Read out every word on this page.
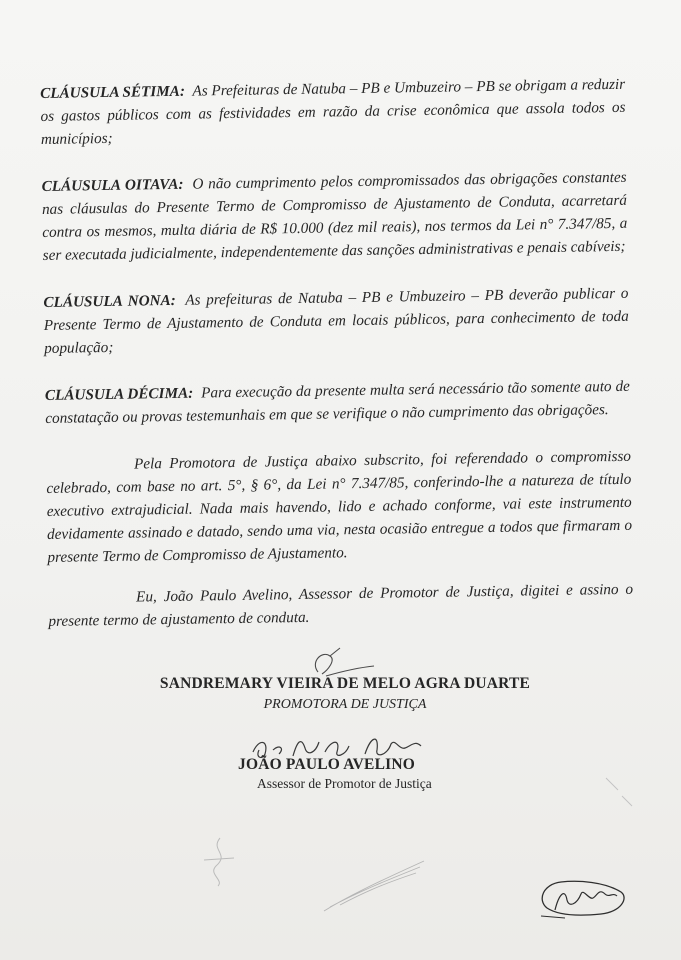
CLÁUSULA SÉTIMA: As Prefeituras de Natuba – PB e Umbuzeiro – PB se obrigam a reduzir os gastos públicos com as festividades em razão da crise econômica que assola todos os municípios;

CLÁUSULA OITAVA: O não cumprimento pelos compromissados das obrigações constantes nas cláusulas do Presente Termo de Compromisso de Ajustamento de Conduta, acarretará contra os mesmos, multa diária de R$ 10.000 (dez mil reais), nos termos da Lei n° 7.347/85, a ser executada judicialmente, independentemente das sanções administrativas e penais cabíveis;

CLÁUSULA NONA: As prefeituras de Natuba – PB e Umbuzeiro – PB deverão publicar o Presente Termo de Ajustamento de Conduta em locais públicos, para conhecimento de toda população;

CLÁUSULA DÉCIMA: Para execução da presente multa será necessário tão somente auto de constatação ou provas testemunhais em que se verifique o não cumprimento das obrigações.

Pela Promotora de Justiça abaixo subscrito, foi referendado o compromisso celebrado, com base no art. 5°, § 6°, da Lei n° 7.347/85, conferindo-lhe a natureza de título executivo extrajudicial. Nada mais havendo, lido e achado conforme, vai este instrumento devidamente assinado e datado, sendo uma via, nesta ocasião entregue a todos que firmaram o presente Termo de Compromisso de Ajustamento.

Eu, João Paulo Avelino, Assessor de Promotor de Justiça, digitei e assino o presente termo de ajustamento de conduta.

SANDREMARY VIEIRA DE MELO AGRA DUARTE
PROMOTORA DE JUSTIÇA
JOÃO PAULO AVELINO
Assessor de Promotor de Justiça
